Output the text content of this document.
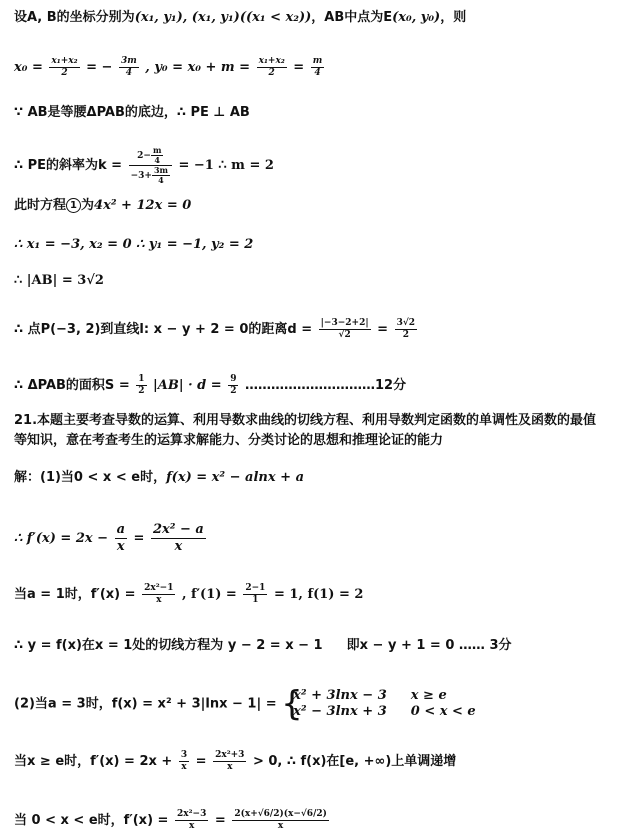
设A, B的坐标分别为(x₁, y₁), (x₁, y₁)((x₁ < x₂))，AB中点为E(x₀, y₀)，则
$x_0 = \frac{\text{x₁+x₂}}{2}$ = − $\frac{3m}{4}$ , $y_0 = x_0 + m = \frac{\text{x₁+x₂}}{2} = \frac{m}{4}$
∵ AB是等腰ΔPAB的底边，∴ PE ⊥ AB
∴ PE的斜率为$k = \frac{2- \frac{m}{4}}{-3+ \frac{3m}{4}} = -1$ ∴ m = 2
此时方程 1 为4x² + 12x = 0
∴ x₁ = −3, x₂ = 0 ∴ y₁ = −1, y₂ = 2
∴ |AB| = 3√2
∴ 点P(−3, 2)到直线l: x − y + 2 = 0的距离$d = \frac{|-3-2+2|}{√2} = \frac{3√2}{2}$
∴ ΔPAB的面积$S = \frac{1}{2} |AB| \cdot d = \frac{9}{2}$ …………………………12分
21.本题主要考查导数的运算、利用导数求曲线的切线方程、利用导数判定函数的单调性及函数的最值
等知识，意在考查考生的运算求解能力、分类讨论的思想和推理论证的能力
解：(1)当0 < x < e时，f(x) = x² − alnx + a
∴ $f'(x) = 2x - \frac{a}{x} = \frac{\text{2x² − a}}{x}$
当a = 1时，$f'(x) = \frac{\text{2x²−1}}{x}$ , $f'(1) = \frac{2-1}{1} = 1$, f(1) = 2
∴ y = f(x)在x = 1处的切线方程为 y − 2 = x − 1 即x − y + 1 = 0 …… 3分
(2)当a = 3时，f(x) = x² + 3|lnx − 1| = {
x² + 3lnx − 3 x ≥ e
x² − 3lnx + 3 0 < x < e
当x ≥ e时，$f'(x) = 2x + \frac{3}{x} = \frac{\text{2x²+3}}{x} > 0$, ∴ f(x)在[e, +∞)上单调递增
当 0 < x < e时，$f'(x) = \frac{\text{2x²−3}}{x} = \frac{2(x+√6/2)(x-√6/2)}{x}$
